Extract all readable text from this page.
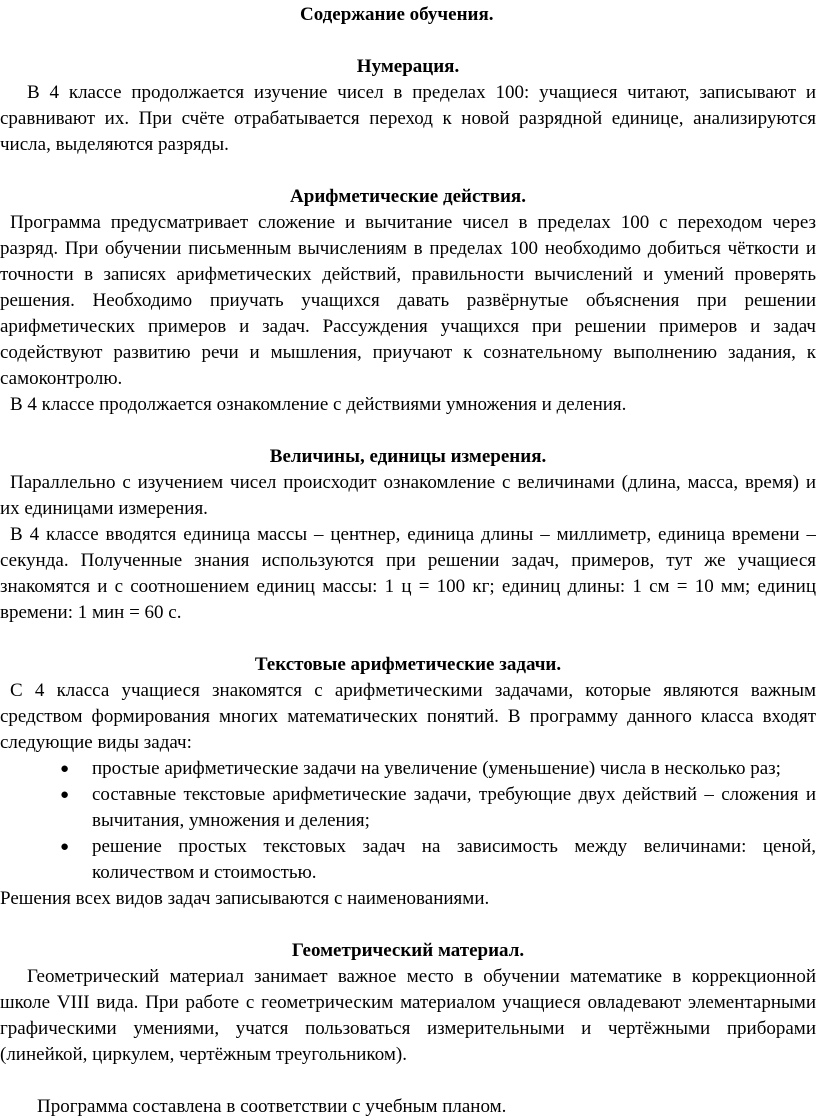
Содержание обучения.

Нумерация.

В 4 классе продолжается изучение чисел в пределах 100: учащиеся читают, записывают и сравнивают их. При счёте отрабатывается переход к новой разрядной единице, анализируются числа, выделяются разряды.

Арифметические действия.

Программа предусматривает сложение и вычитание чисел в пределах 100 с переходом через разряд. При обучении письменным вычислениям в пределах 100 необходимо добиться чёткости и точности в записях арифметических действий, правильности вычислений и умений проверять решения. Необходимо приучать учащихся давать развёрнутые объяснения при решении арифметических примеров и задач. Рассуждения учащихся при решении примеров и задач содействуют развитию речи и мышления, приучают к сознательному выполнению задания, к самоконтролю.

В 4 классе продолжается ознакомление с действиями умножения и деления.

Величины, единицы измерения.

Параллельно с изучением чисел происходит ознакомление с величинами (длина, масса, время) и их единицами измерения.

В 4 классе вводятся единица массы – центнер, единица длины – миллиметр, единица времени – секунда. Полученные знания используются при решении задач, примеров, тут же учащиеся знакомятся и с соотношением единиц массы: 1 ц = 100 кг; единиц длины: 1 см = 10 мм; единиц времени: 1 мин = 60 с.

Текстовые арифметические задачи.

С 4 класса учащиеся знакомятся с арифметическими задачами, которые являются важным средством формирования многих математических понятий. В программу данного класса входят следующие виды задач:

● простые арифметические задачи на увеличение (уменьшение) числа в несколько раз;
● составные текстовые арифметические задачи, требующие двух действий – сложения и вычитания, умножения и деления;
● решение простых текстовых задач на зависимость между величинами: ценой, количеством и стоимостью.

Решения всех видов задач записываются с наименованиями.

Геометрический материал.

Геометрический материал занимает важное место в обучении математике в коррекционной школе VIII вида. При работе с геометрическим материалом учащиеся овладевают элементарными графическими умениями, учатся пользоваться измерительными и чертёжными приборами (линейкой, циркулем, чертёжным треугольником).

Программа составлена в соответствии с учебным планом.
